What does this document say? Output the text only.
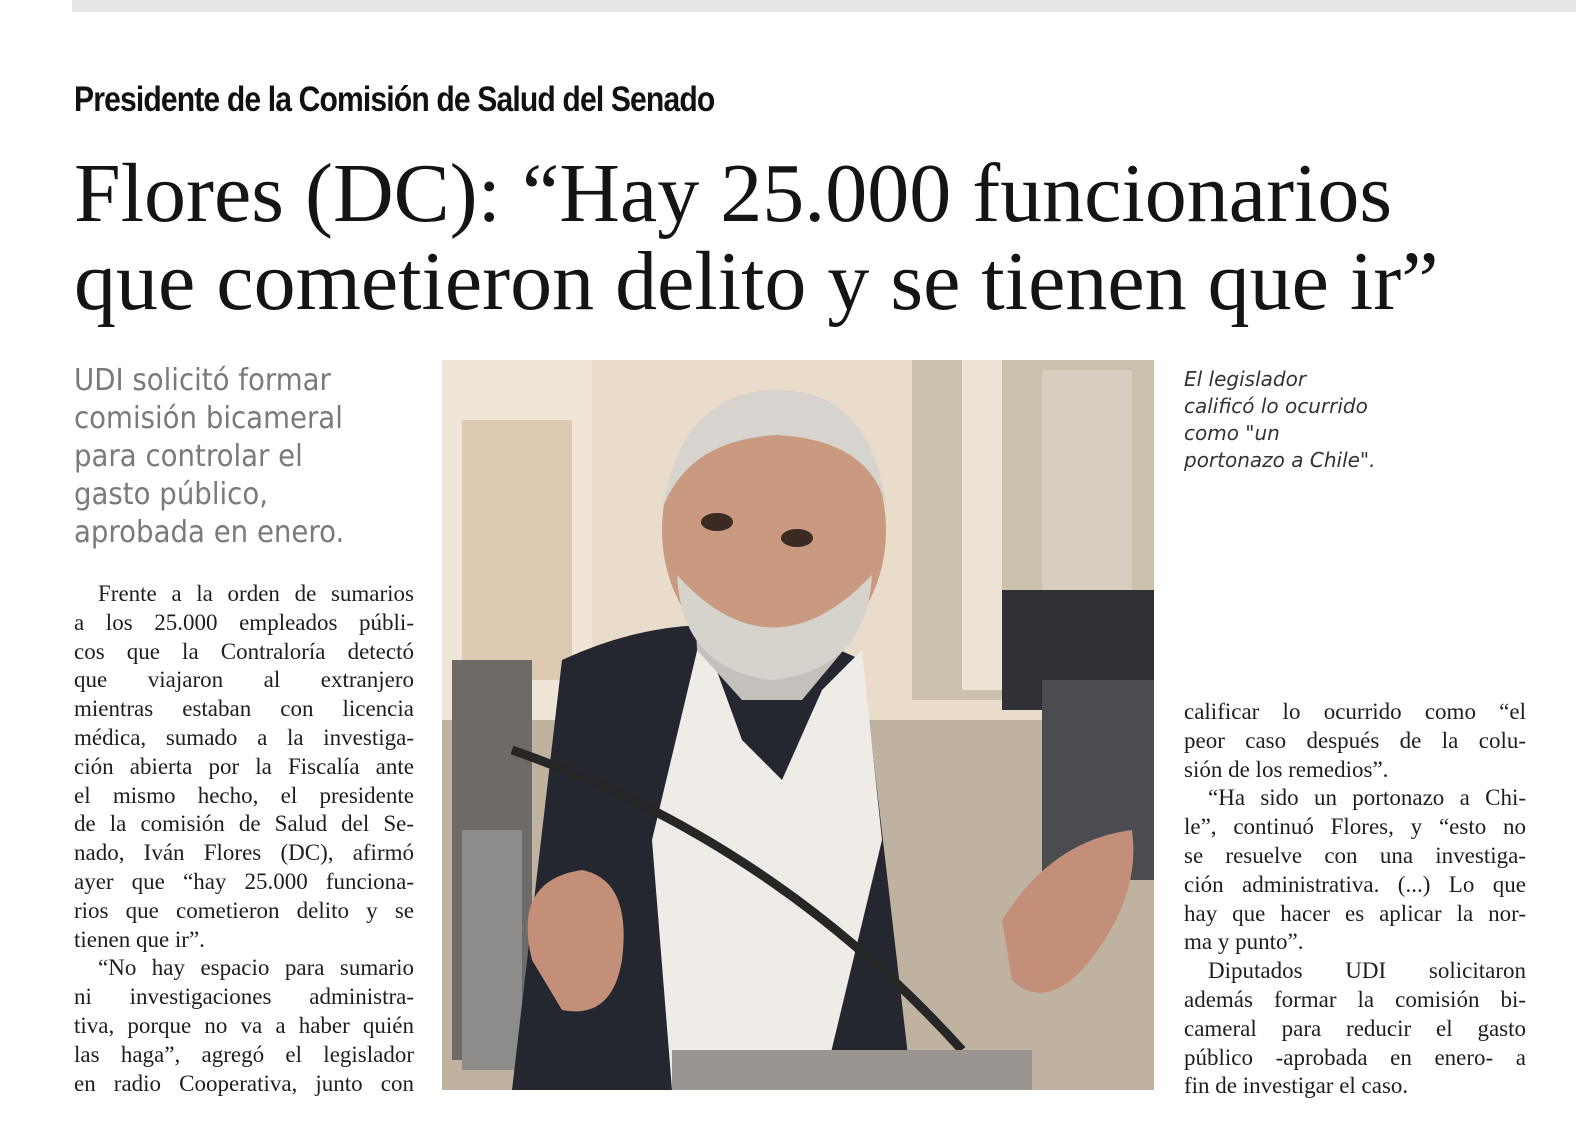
Presidente de la Comisión de Salud del Senado
Flores (DC): “Hay 25.000 funcionarios
que cometieron delito y se tienen que ir”
UDI solicitó formar
comisión bicameral
para controlar el
gasto público,
aprobada en enero.
Frente a la orden de sumarios
a los 25.000 empleados públi-
cos que la Contraloría detectó
que viajaron al extranjero
mientras estaban con licencia
médica, sumado a la investiga-
ción abierta por la Fiscalía ante
el mismo hecho, el presidente
de la comisión de Salud del Se-
nado, Iván Flores (DC), afirmó
ayer que “hay 25.000 funciona-
rios que cometieron delito y se
tienen que ir”.
“No hay espacio para sumario
ni investigaciones administra-
tiva, porque no va a haber quién
las haga”, agregó el legislador
en radio Cooperativa, junto con
El legislador
calificó lo ocurrido
como "un
portonazo a Chile".
calificar lo ocurrido como “el
peor caso después de la colu-
sión de los remedios”.
“Ha sido un portonazo a Chi-
le”, continuó Flores, y “esto no
se resuelve con una investiga-
ción administrativa. (...) Lo que
hay que hacer es aplicar la nor-
ma y punto”.
Diputados UDI solicitaron
además formar la comisión bi-
cameral para reducir el gasto
público -aprobada en enero- a
fin de investigar el caso.
